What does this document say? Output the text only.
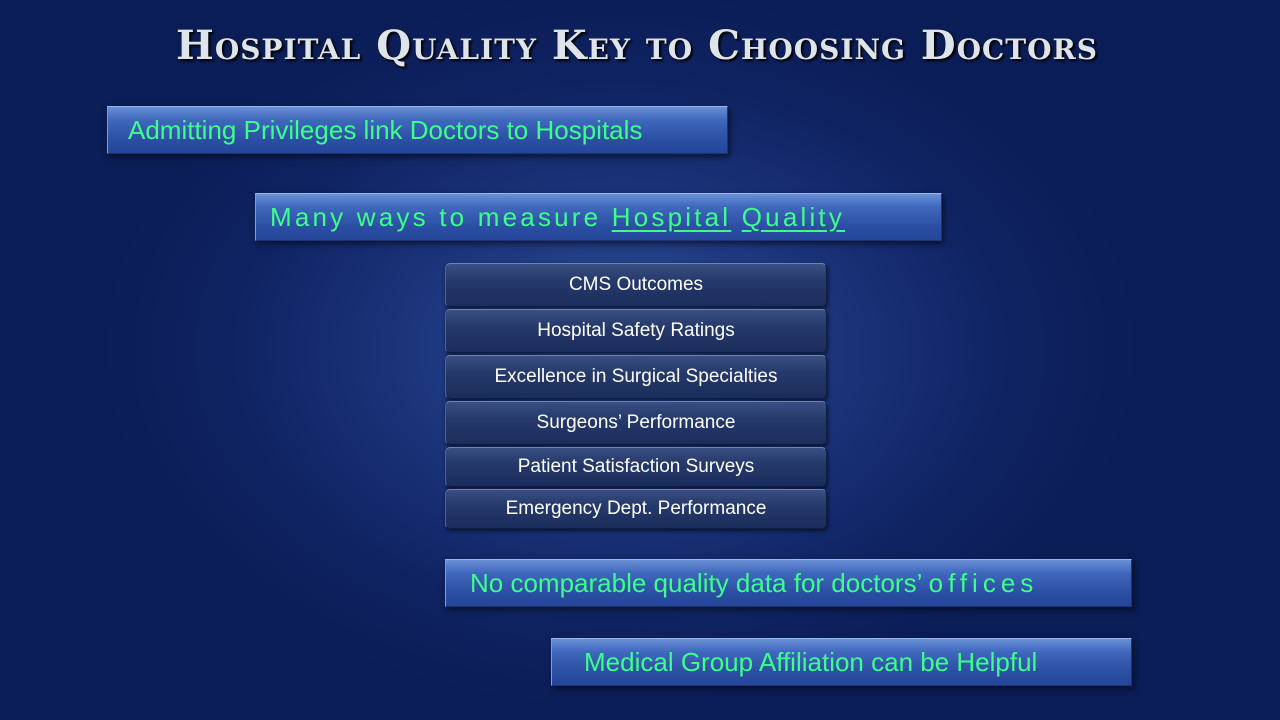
Hospital Quality Key to Choosing Doctors
Admitting Privileges link Doctors to Hospitals
Many ways to measure Hospital Quality
CMS Outcomes
Hospital Safety Ratings
Excellence in Surgical Specialties
Surgeons’ Performance
Patient Satisfaction Surveys
Emergency Dept. Performance
No comparable quality data for doctors’ offices
Medical Group Affiliation can be Helpful
